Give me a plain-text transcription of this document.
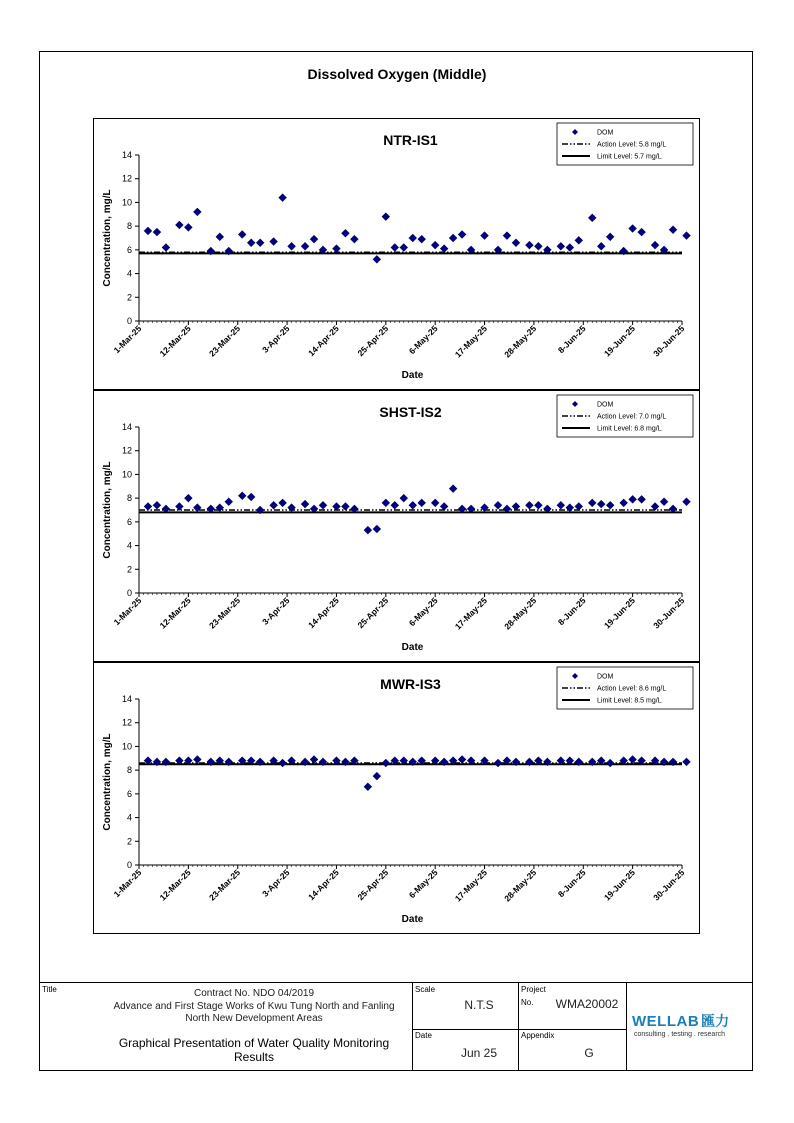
Dissolved Oxygen (Middle)
NTR-IS1
0
2
4
6
8
10
12
14
1-Mar-25 12-Mar-25 23-Mar-25 3-Apr-25 14-Apr-25 25-Apr-25 6-May-25 17-May-25 28-May-25 8-Jun-25 19-Jun-25 30-Jun-25
Date
Concentration, mg/L
DOM
Action Level: 5.8 mg/L
Limit Level: 5.7 mg/L
SHST-IS2
0
2
4
6
8
10
12
14
1-Mar-25 12-Mar-25 23-Mar-25 3-Apr-25 14-Apr-25 25-Apr-25 6-May-25 17-May-25 28-May-25 8-Jun-25 19-Jun-25 30-Jun-25
Date
Concentration, mg/L
DOM
Action Level: 7.0 mg/L
Limit Level: 6.8 mg/L
MWR-IS3
0
2
4
6
8
10
12
14
1-Mar-25 12-Mar-25 23-Mar-25 3-Apr-25 14-Apr-25 25-Apr-25 6-May-25 17-May-25 28-May-25 8-Jun-25 19-Jun-25 30-Jun-25
Date
Concentration, mg/L
DOM
Action Level: 8.6 mg/L
Limit Level: 8.5 mg/L
Title	Contract No. NDO 04/2019
Advance and First Stage Works of Kwu Tung North and Fanling
North New Development Areas
Graphical Presentation of Water Quality Monitoring
Results
Scale
N.T.S
Date
Jun 25
Project
No.	WMA20002
Appendix
G
WELLAB 匯力
consulting . testing . research
